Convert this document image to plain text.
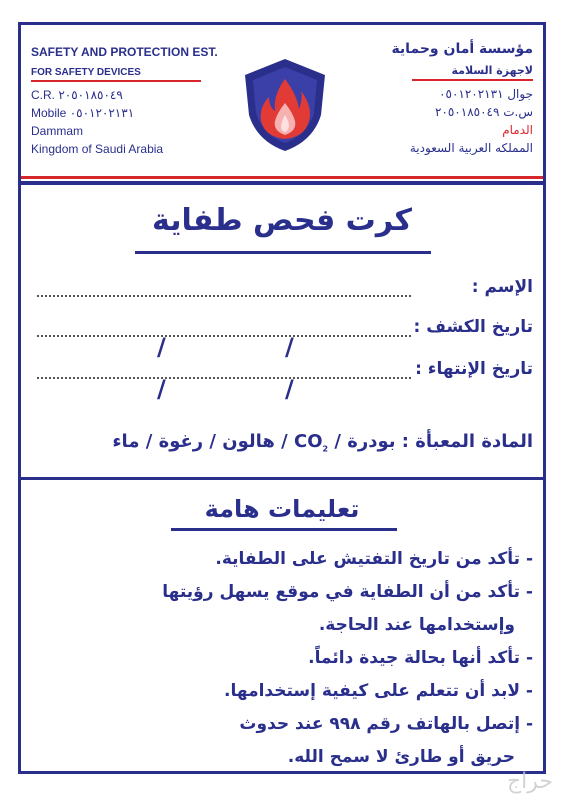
SAFETY AND PROTECTION EST.
FOR SAFETY DEVICES
C.R. ٢٠٥٠١٨٥٠٤٩
Mobile ٠٥٠١٢٠٢١٣١
Dammam
Kingdom of Saudi Arabia
مؤسسة أمان وحماية
لاجهزة السلامة
جوال ٠٥٠١٢٠٢١٣١
س.ت ٢٠٥٠١٨٥٠٤٩
الدمام
المملكه العربية السعودية
كرت فحص طفاية
الإسم :
تاريخ الكشف :
/	/
تاريخ الإنتهاء :
/	/
المادة المعبأة : بودرة / $CO_2$ / هالون / رغوة / ماء
تعليمات هامة
- تأكد من تاريخ التفتيش على الطفاية.
- تأكد من أن الطفاية في موقع يسهل رؤيتها
وإستخدامها عند الحاجة.
- تأكد أنها بحالة جيدة دائماً.
- لابد أن تتعلم على كيفية إستخدامها.
- إتصل بالهاتف رقم ٩٩٨ عند حدوث
حريق أو طارئ لا سمح الله.
حراج
